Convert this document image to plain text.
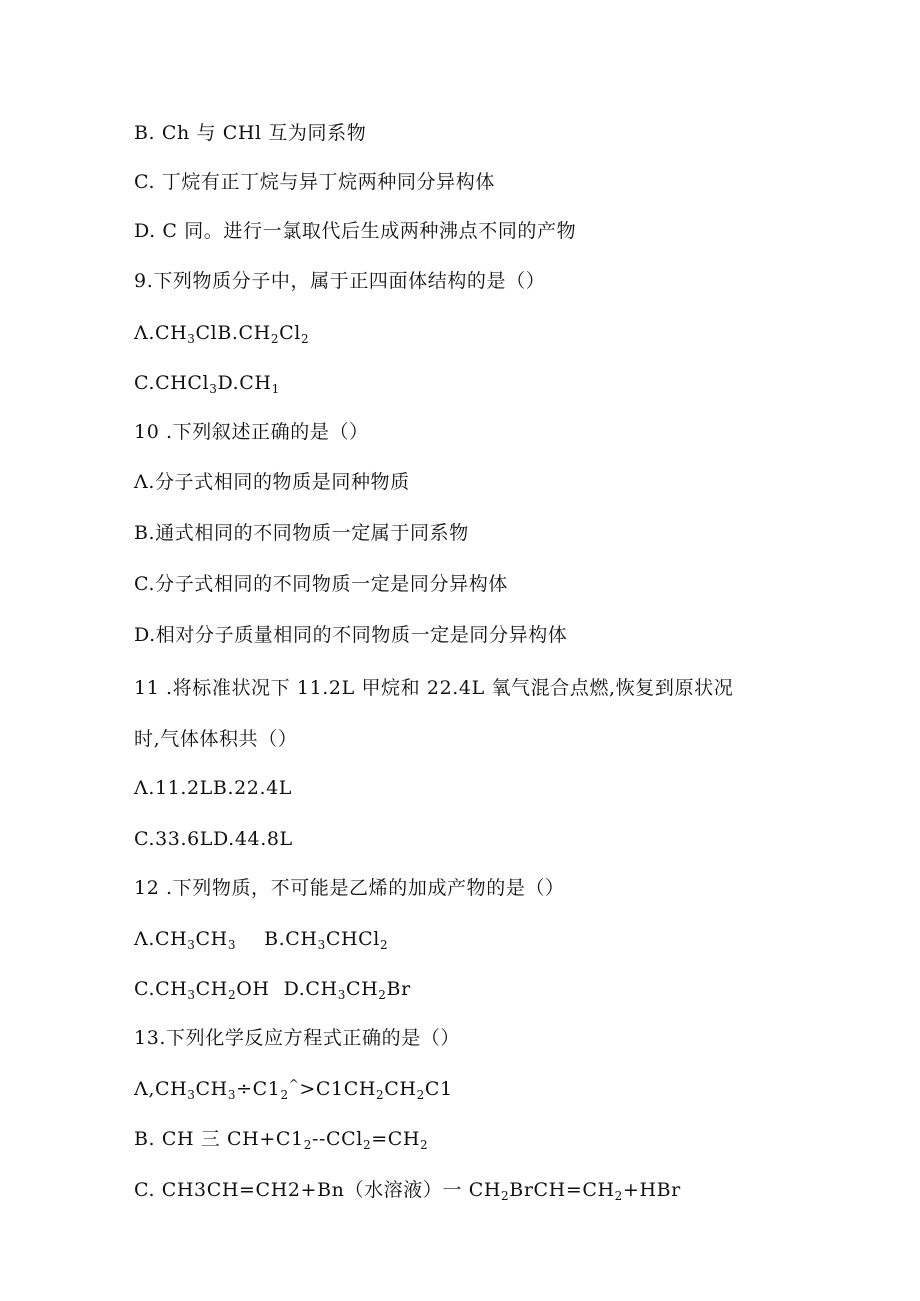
B. Ch 与 CHl 互为同系物
C. 丁烷有正丁烷与异丁烷两种同分异构体
D. C 同。进行一氯取代后生成两种沸点不同的产物
9.下列物质分子中，属于正四面体结构的是（）
$\Lambda.CH_3ClB.CH_2Cl_2$
$C.CHCl_3D.CH_1$
10 .下列叙述正确的是（）
Λ.分子式相同的物质是同种物质
B.通式相同的不同物质一定属于同系物
C.分子式相同的不同物质一定是同分异构体
D.相对分子质量相同的不同物质一定是同分异构体
11 .将标准状况下 11.2L 甲烷和 22.4L 氧气混合点燃,恢复到原状况
时,气体体积共（）
Λ.11.2LB.22.4L
C.33.6LD.44.8L
12 .下列物质，不可能是乙烯的加成产物的是（）
$\Lambda.CH_3CH_3$ $B.CH_3CHCl_2$
$C.CH_3CH_2OH$ $D.CH_3CH_2Br$
13.下列化学反应方程式正确的是（）
$\Lambda,CH_3CH_3\div C1_2^{\^{}}>C1CH_2CH_2C1$
B. CH 三 $CH+C1_2--CCl_2=CH_2$
C. CH3CH=CH2+Bn（水溶液）一 $CH_2BrCH=CH_2+HBr$
